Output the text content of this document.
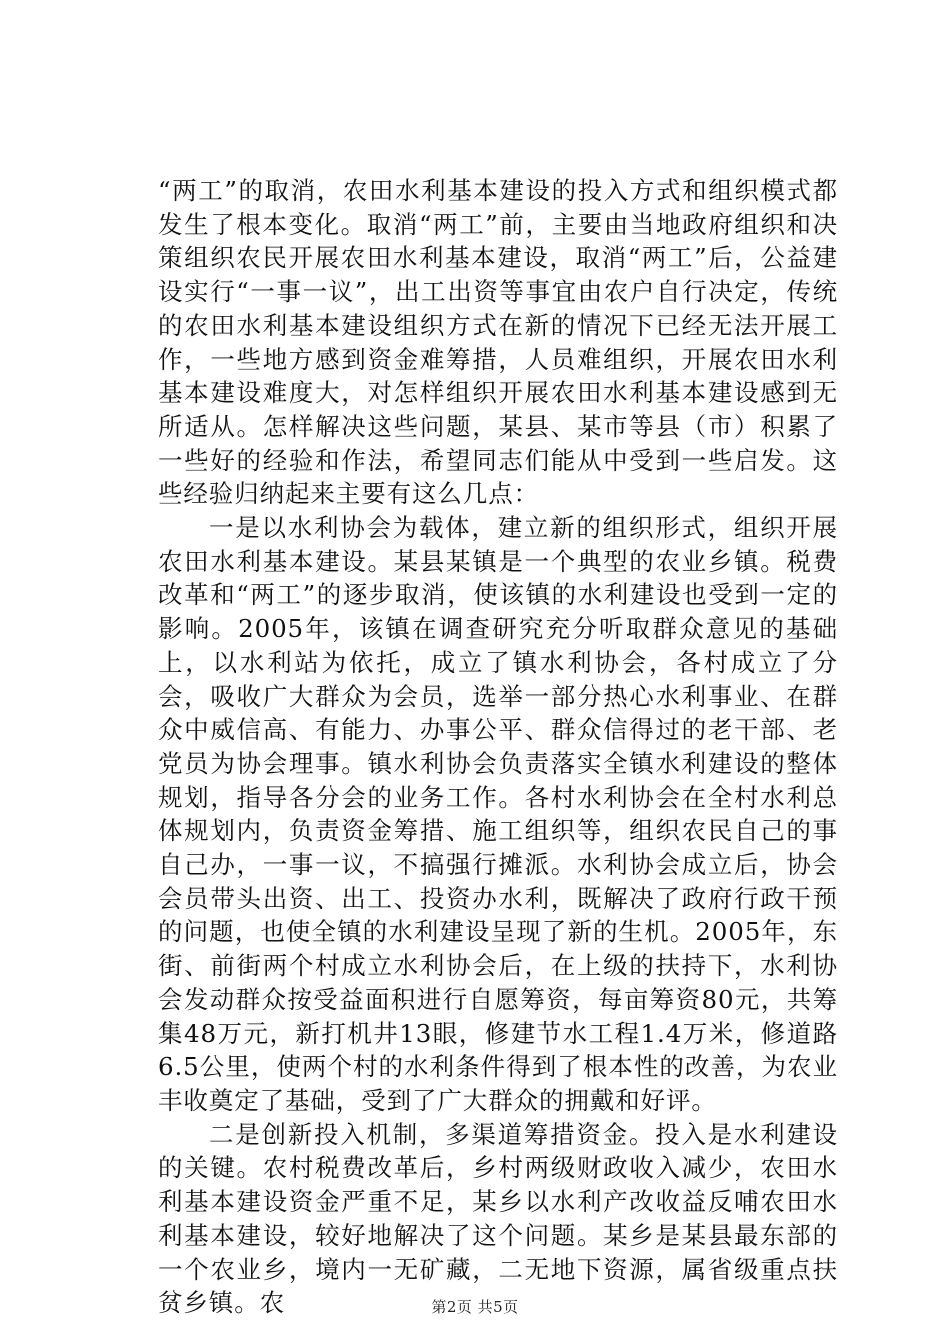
“两工”的取消，农田水利基本建设的投入方式和组织模式都发生了根本变化。取消“两工”前，主要由当地政府组织和决策组织农民开展农田水利基本建设，取消“两工”后，公益建设实行“一事一议”，出工出资等事宜由农户自行决定，传统的农田水利基本建设组织方式在新的情况下已经无法开展工作，一些地方感到资金难筹措，人员难组织，开展农田水利基本建设难度大，对怎样组织开展农田水利基本建设感到无所适从。怎样解决这些问题，某县、某市等县（市）积累了一些好的经验和作法，希望同志们能从中受到一些启发。这些经验归纳起来主要有这么几点：

一是以水利协会为载体，建立新的组织形式，组织开展农田水利基本建设。某县某镇是一个典型的农业乡镇。税费改革和“两工”的逐步取消，使该镇的水利建设也受到一定的影响。2005年，该镇在调查研究充分听取群众意见的基础上，以水利站为依托，成立了镇水利协会，各村成立了分会，吸收广大群众为会员，选举一部分热心水利事业、在群众中威信高、有能力、办事公平、群众信得过的老干部、老党员为协会理事。镇水利协会负责落实全镇水利建设的整体规划，指导各分会的业务工作。各村水利协会在全村水利总体规划内，负责资金筹措、施工组织等，组织农民自己的事自己办，一事一议，不搞强行摊派。水利协会成立后，协会会员带头出资、出工、投资办水利，既解决了政府行政干预的问题，也使全镇的水利建设呈现了新的生机。2005年，东街、前街两个村成立水利协会后，在上级的扶持下，水利协会发动群众按受益面积进行自愿筹资，每亩筹资80元，共筹集48万元，新打机井13眼，修建节水工程1.4万米，修道路6.5公里，使两个村的水利条件得到了根本性的改善，为农业丰收奠定了基础，受到了广大群众的拥戴和好评。

二是创新投入机制，多渠道筹措资金。投入是水利建设的关键。农村税费改革后，乡村两级财政收入减少，农田水利基本建设资金严重不足，某乡以水利产改收益反哺农田水利基本建设，较好地解决了这个问题。某乡是某县最东部的一个农业乡，境内一无矿藏，二无地下资源，属省级重点扶贫乡镇。农	第2页 共5页
